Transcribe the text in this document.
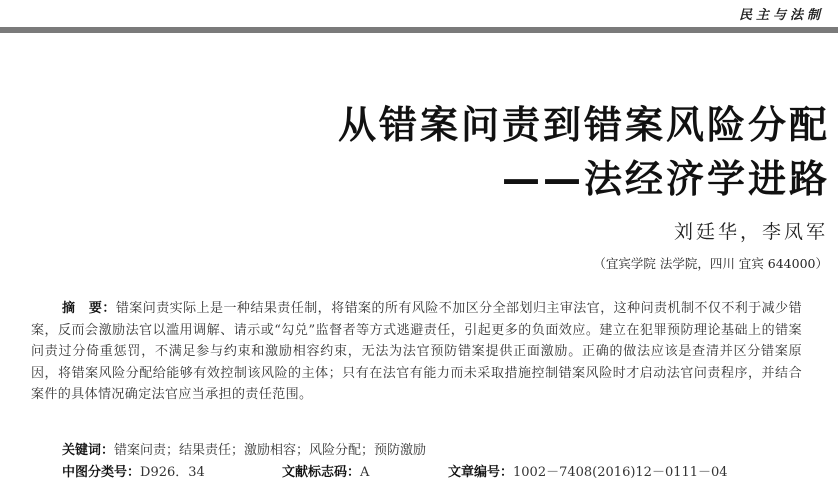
民主与法制
从错案问责到错案风险分配
——法经济学进路
刘廷华，李凤军
（宜宾学院 法学院，四川 宜宾 644000）
摘　要：错案问责实际上是一种结果责任制，将错案的所有风险不加区分全部划归主审法官，这种问责机制不仅不利于减少错案，反而会激励法官以滥用调解、请示或“勾兑”监督者等方式逃避责任，引起更多的负面效应。建立在犯罪预防理论基础上的错案问责过分倚重惩罚，不满足参与约束和激励相容约束，无法为法官预防错案提供正面激励。正确的做法应该是查清并区分错案原因，将错案风险分配给能够有效控制该风险的主体；只有在法官有能力而未采取措施控制错案风险时才启动法官问责程序，并结合案件的具体情况确定法官应当承担的责任范围。
关键词：错案问责；结果责任；激励相容；风险分配；预防激励
中图分类号：D926．34	文献标志码：A	文章编号：1002－7408(2016)12－0111－04
